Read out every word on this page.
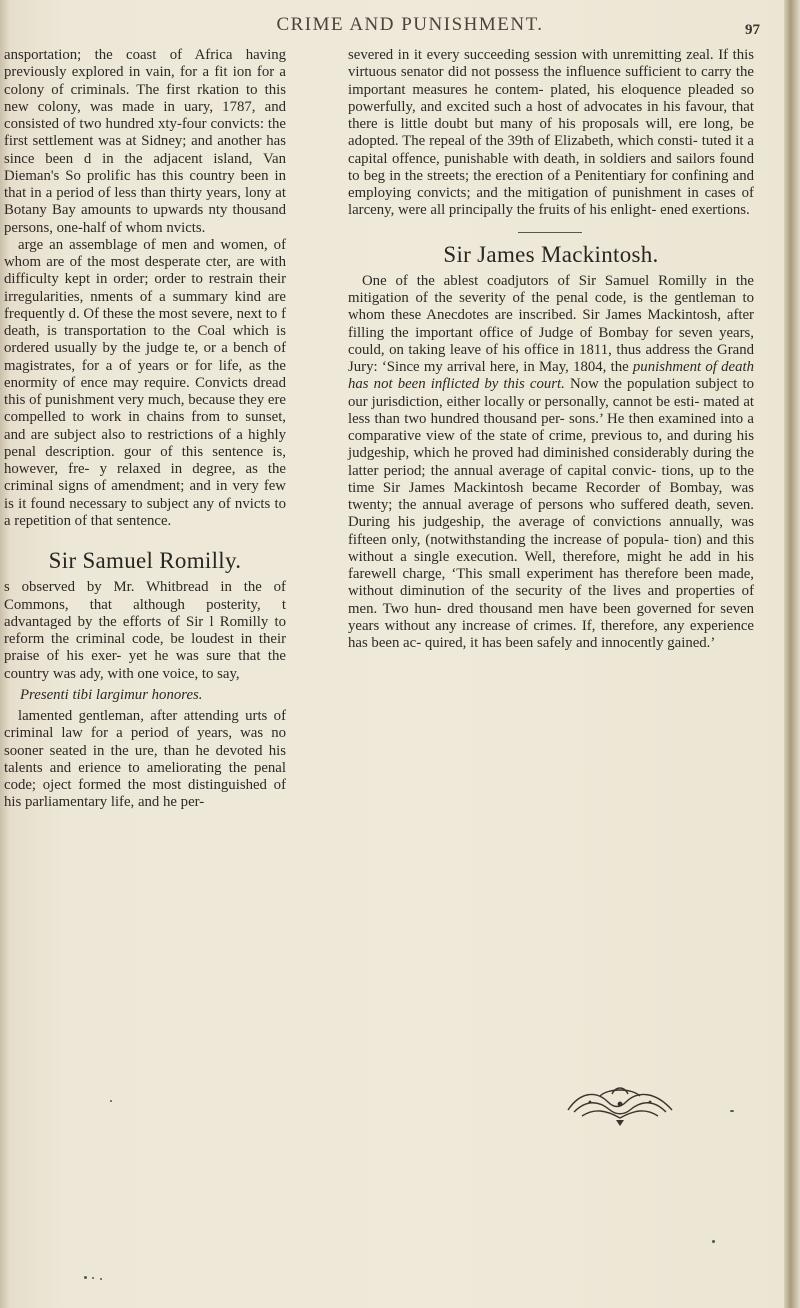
CRIME AND PUNISHMENT.	97

ansportation; the coast of Africa having previously explored in vain, for a fit ion for a colony of criminals. The first rkation to this new colony, was made in uary, 1787, and consisted of two hundred xty-four convicts: the first settlement was at Sidney; and another has since been d in the adjacent island, Van Dieman's So prolific has this country been in that in a period of less than thirty years, lony at Botany Bay amounts to upwards nty thousand persons, one-half of whom nvicts.

arge an assemblage of men and women, of whom are of the most desperate cter, are with difficulty kept in order; order to restrain their irregularities, nments of a summary kind are frequently d. Of these the most severe, next to f death, is transportation to the Coal which is ordered usually by the judge te, or a bench of magistrates, for a of years or for life, as the enormity of ence may require. Convicts dread this of punishment very much, because they ere compelled to work in chains from to sunset, and are subject also to restrictions of a highly penal description. gour of this sentence is, however, fre- y relaxed in degree, as the criminal signs of amendment; and in very few is it found necessary to subject any of nvicts to a repetition of that sentence.

Sir Samuel Romilly.

s observed by Mr. Whitbread in the of Commons, that although posterity, t advantaged by the efforts of Sir l Romilly to reform the criminal code, be loudest in their praise of his exer- yet he was sure that the country was ady, with one voice, to say,

Presenti tibi largimur honores.

lamented gentleman, after attending urts of criminal law for a period of years, was no sooner seated in the ure, than he devoted his talents and erience to ameliorating the penal code; oject formed the most distinguished of his parliamentary life, and he per-

severed in it every succeeding session with unremitting zeal. If this virtuous senator did not possess the influence sufficient to carry the important measures he contem- plated, his eloquence pleaded so powerfully, and excited such a host of advocates in his favour, that there is little doubt but many of his proposals will, ere long, be adopted. The repeal of the 39th of Elizabeth, which consti- tuted it a capital offence, punishable with death, in soldiers and sailors found to beg in the streets; the erection of a Penitentiary for confining and employing convicts; and the mitigation of punishment in cases of larceny, were all principally the fruits of his enlight- ened exertions.

Sir James Mackintosh.

One of the ablest coadjutors of Sir Samuel Romilly in the mitigation of the severity of the penal code, is the gentleman to whom these Anecdotes are inscribed. Sir James Mackintosh, after filling the important office of Judge of Bombay for seven years, could, on taking leave of his office in 1811, thus address the Grand Jury: ‘Since my arrival here, in May, 1804, the punishment of death has not been inflicted by this court. Now the population subject to our jurisdiction, either locally or personally, cannot be esti- mated at less than two hundred thousand per- sons.’ He then examined into a comparative view of the state of crime, previous to, and during his judgeship, which he proved had diminished considerably during the latter period; the annual average of capital convic- tions, up to the time Sir James Mackintosh became Recorder of Bombay, was twenty; the annual average of persons who suffered death, seven. During his judgeship, the average of convictions annually, was fifteen only, (notwithstanding the increase of popula- tion) and this without a single execution. Well, therefore, might he add in his farewell charge, ‘This small experiment has therefore been made, without diminution of the security of the lives and properties of men. Two hun- dred thousand men have been governed for seven years without any increase of crimes. If, therefore, any experience has been ac- quired, it has been safely and innocently gained.’
